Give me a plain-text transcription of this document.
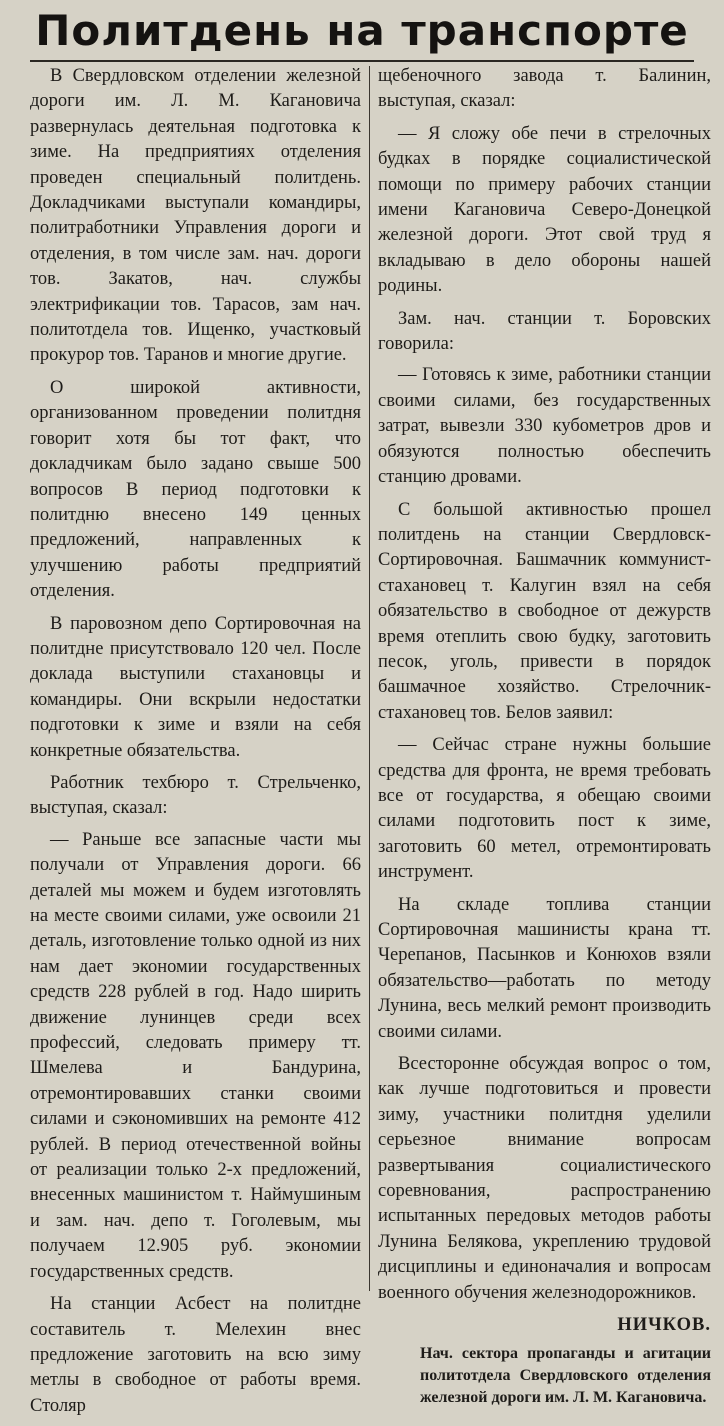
Политдень на транспорте

В Свердловском отделении железной дороги им. Л. М. Кагановича развернулась деятельная подготовка к зиме. На предприятиях отделения проведен специальный политдень. Докладчиками выступали командиры, политработники Управления дороги и отделения, в том числе зам. нач. дороги тов. Закатов, нач. службы электрификации тов. Тарасов, зам нач. политотдела тов. Ищенко, участковый прокурор тов. Таранов и многие другие.

О широкой активности, организованном проведении политдня говорит хотя бы тот факт, что докладчикам было задано свыше 500 вопросов В период подготовки к политдню внесено 149 ценных предложений, направленных к улучшению работы предприятий отделения.

В паровозном депо Сортировочная на политдне присутствовало 120 чел. После доклада выступили стахановцы и командиры. Они вскрыли недостатки подготовки к зиме и взяли на себя конкретные обязательства.

Работник техбюро т. Стрельченко, выступая, сказал:

— Раньше все запасные части мы получали от Управления дороги. 66 деталей мы можем и будем изготовлять на месте своими силами, уже освоили 21 деталь, изготовление только одной из них нам дает экономии государственных средств 228 рублей в год. Надо ширить движение лунинцев среди всех профессий, следовать примеру тт. Шмелева и Бандурина, отремонтировавших станки своими силами и сэкономивших на ремонте 412 рублей. В период отечественной войны от реализации только 2-х предложений, внесенных машинистом т. Наймушиным и зам. нач. депо т. Гоголевым, мы получаем 12.905 руб. экономии государственных средств.

На станции Асбест на политдне составитель т. Мелехин внес предложение заготовить на всю зиму метлы в свободное от работы время. Столяр

щебеночного завода т. Балинин, выступая, сказал:

— Я сложу обе печи в стрелочных будках в порядке социалистической помощи по примеру рабочих станции имени Кагановича Северо-Донецкой железной дороги. Этот свой труд я вкладываю в дело обороны нашей родины.

Зам. нач. станции т. Боровских говорила:

— Готовясь к зиме, работники станции своими силами, без государственных затрат, вывезли 330 кубометров дров и обязуются полностью обеспечить станцию дровами.

С большой активностью прошел политдень на станции Свердловск-Сортировочная. Башмачник коммунист-стахановец т. Калугин взял на себя обязательство в свободное от дежурств время отеплить свою будку, заготовить песок, уголь, привести в порядок башмачное хозяйство. Стрелочник-стахановец тов. Белов заявил:

— Сейчас стране нужны большие средства для фронта, не время требовать все от государства, я обещаю своими силами подготовить пост к зиме, заготовить 60 метел, отремонтировать инструмент.

На складе топлива станции Сортировочная машинисты крана тт. Черепанов, Пасынков и Конюхов взяли обязательство—работать по методу Лунина, весь мелкий ремонт производить своими силами.

Всесторонне обсуждая вопрос о том, как лучше подготовиться и провести зиму, участники политдня уделили серьезное внимание вопросам развертывания социалистического соревнования, распространению испытанных передовых методов работы Лунина Белякова, укреплению трудовой дисциплины и единоначалия и вопросам военного обучения железнодорожников.

НИЧКОВ.
Нач. сектора пропаганды и агитации политотдела Свердловского отделения железной дороги им. Л. М. Кагановича.
